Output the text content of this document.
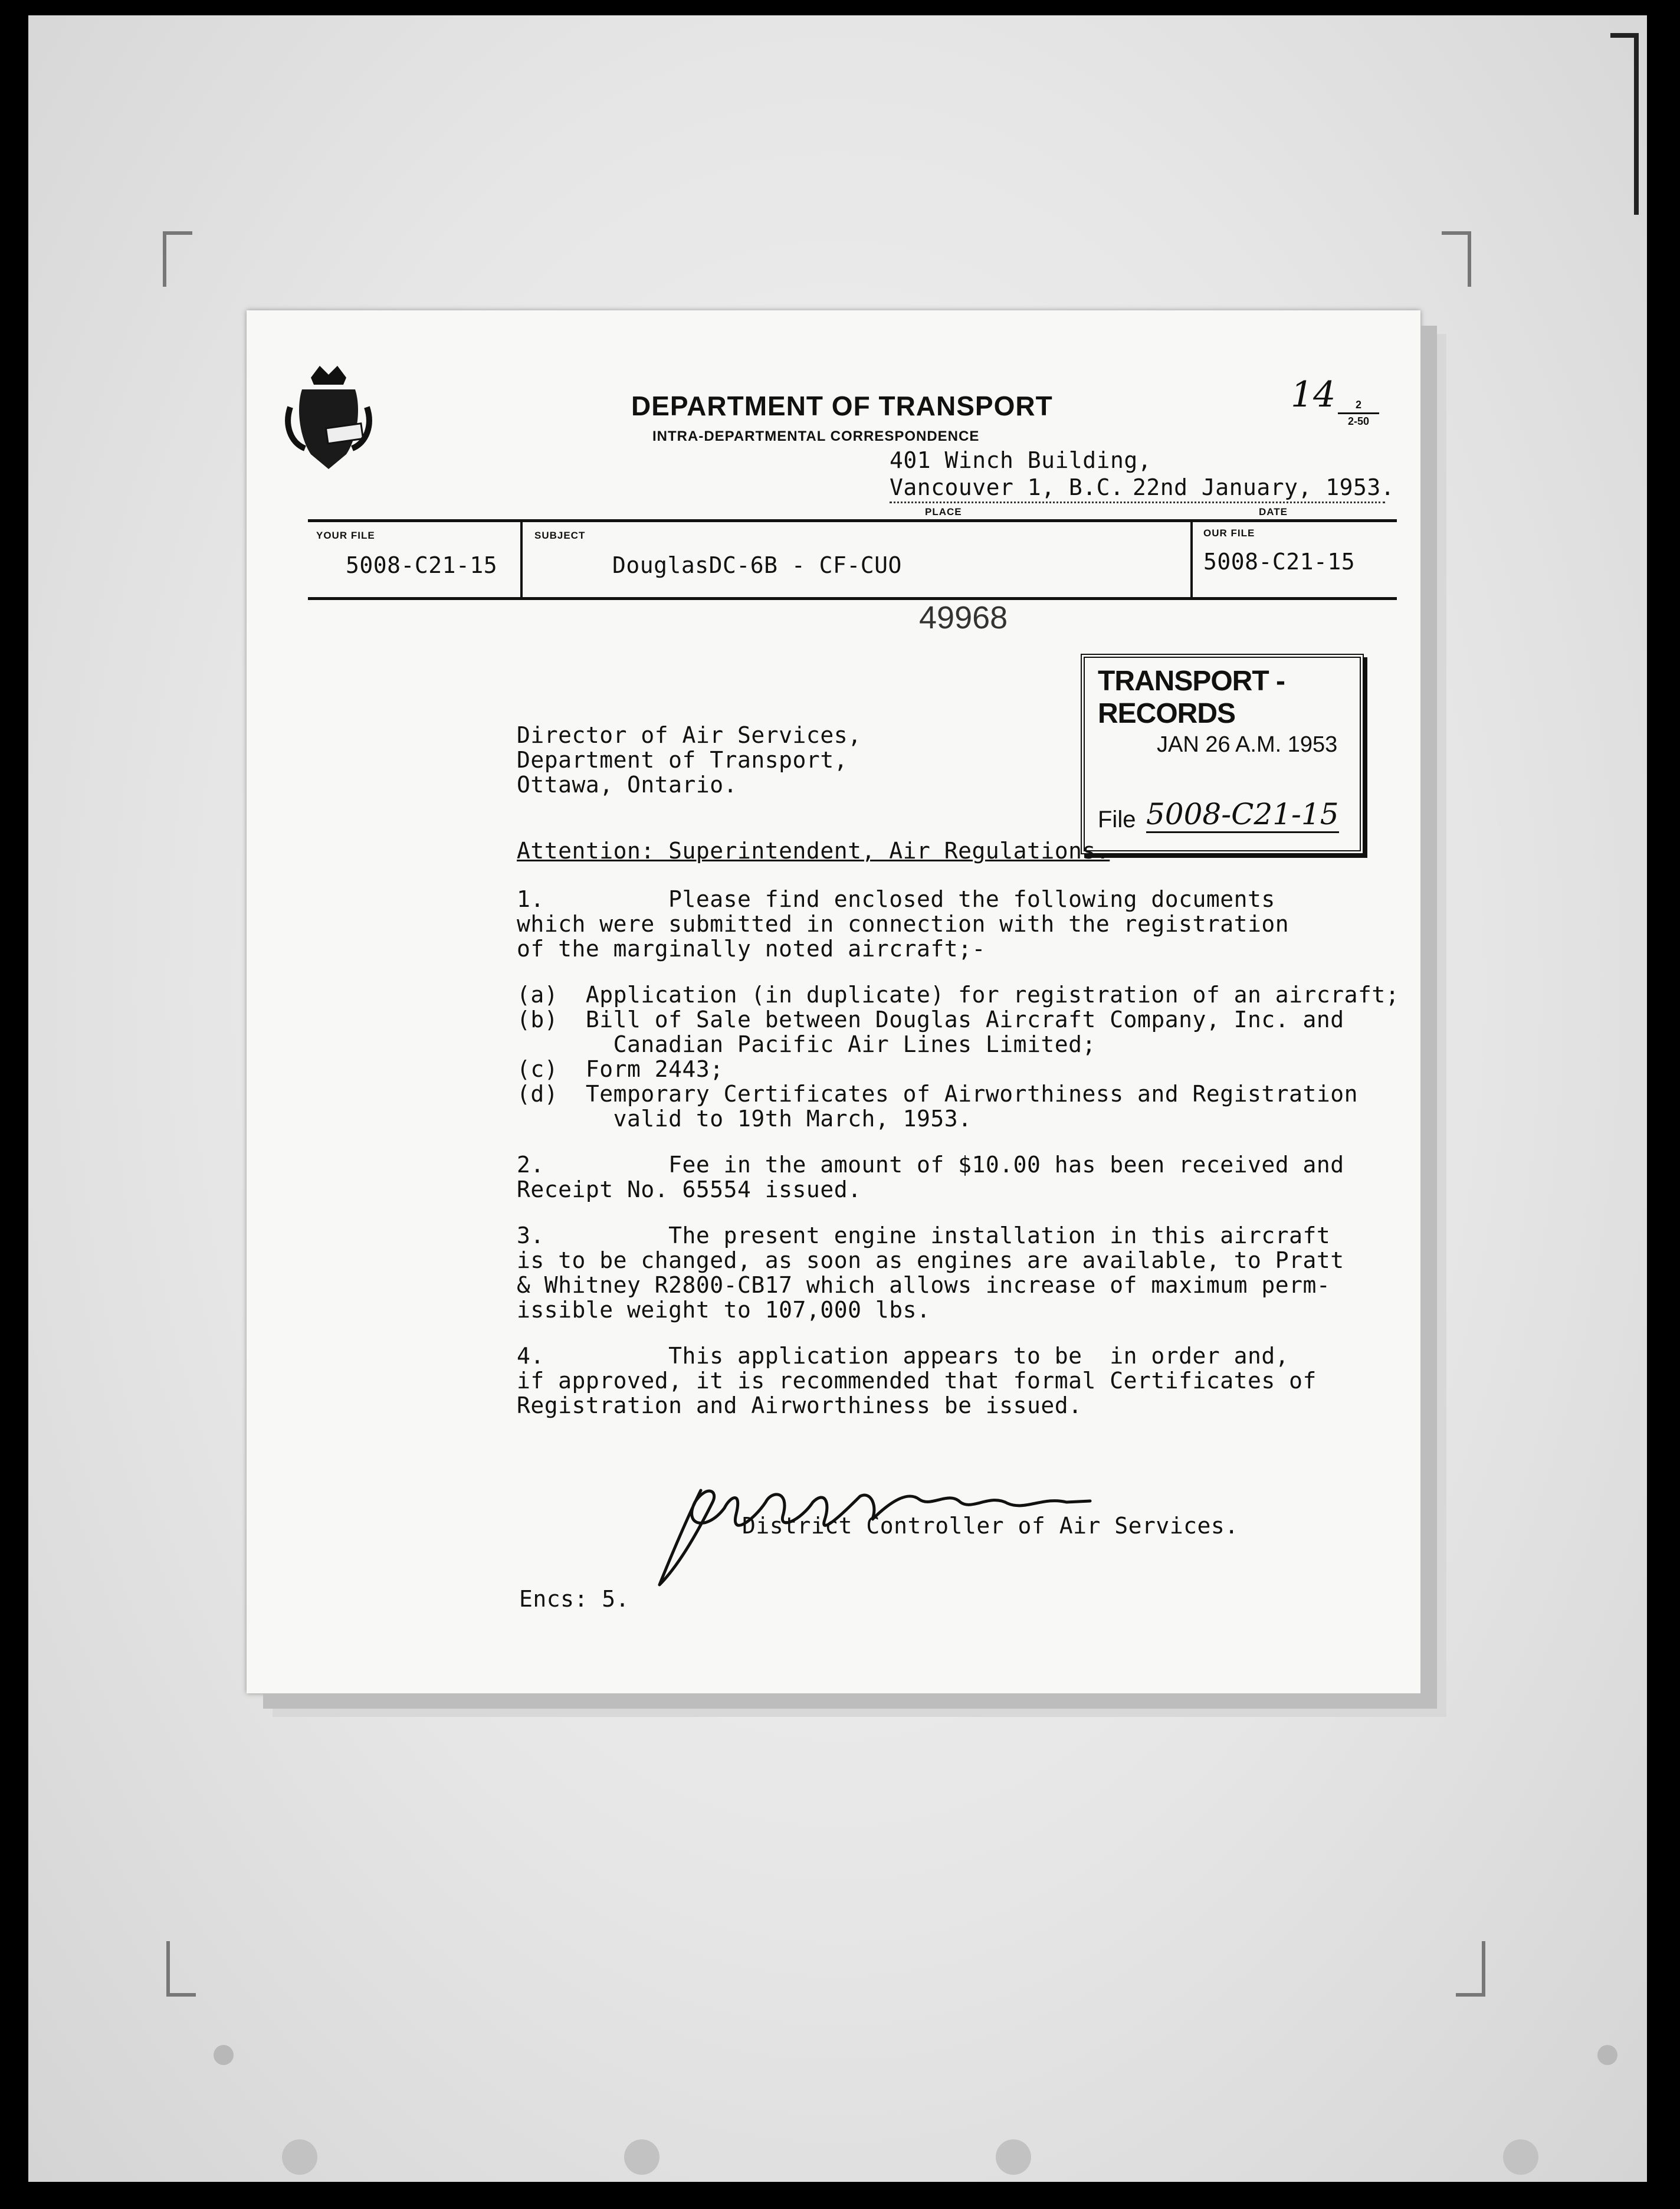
DEPARTMENT OF TRANSPORT
INTRA-DEPARTMENTAL CORRESPONDENCE
14	2
2-50
401 Winch Building,
Vancouver 1, B.C. 22nd January, 1953.
PLACE	DATE
YOUR FILE
5008-C21-15
SUBJECT
DouglasDC-6B - CF-CUO
OUR FILE
5008-C21-15
TRANSPORT - RECORDS
JAN 26 A.M. 1953
File 5008-C21-15
49968
Director of Air Services,
Department of Transport,
Ottawa, Ontario.
Attention: Superintendent, Air Regulations.
1.         Please find enclosed the following documents
which were submitted in connection with the registration
of the marginally noted aircraft;-
(a)  Application (in duplicate) for registration of an aircraft;
(b)  Bill of Sale between Douglas Aircraft Company, Inc. and
Canadian Pacific Air Lines Limited;
(c)  Form 2443;
(d)  Temporary Certificates of Airworthiness and Registration
valid to 19th March, 1953.
2.         Fee in the amount of $10.00 has been received and
Receipt No. 65554 issued.
3.         The present engine installation in this aircraft
is to be changed, as soon as engines are available, to Pratt
& Whitney R2800-CB17 which allows increase of maximum perm-
issible weight to 107,000 lbs.
4.         This application appears to be  in order and,
if approved, it is recommended that formal Certificates of
Registration and Airworthiness be issued.
District Controller of Air Services.
Encs: 5.
